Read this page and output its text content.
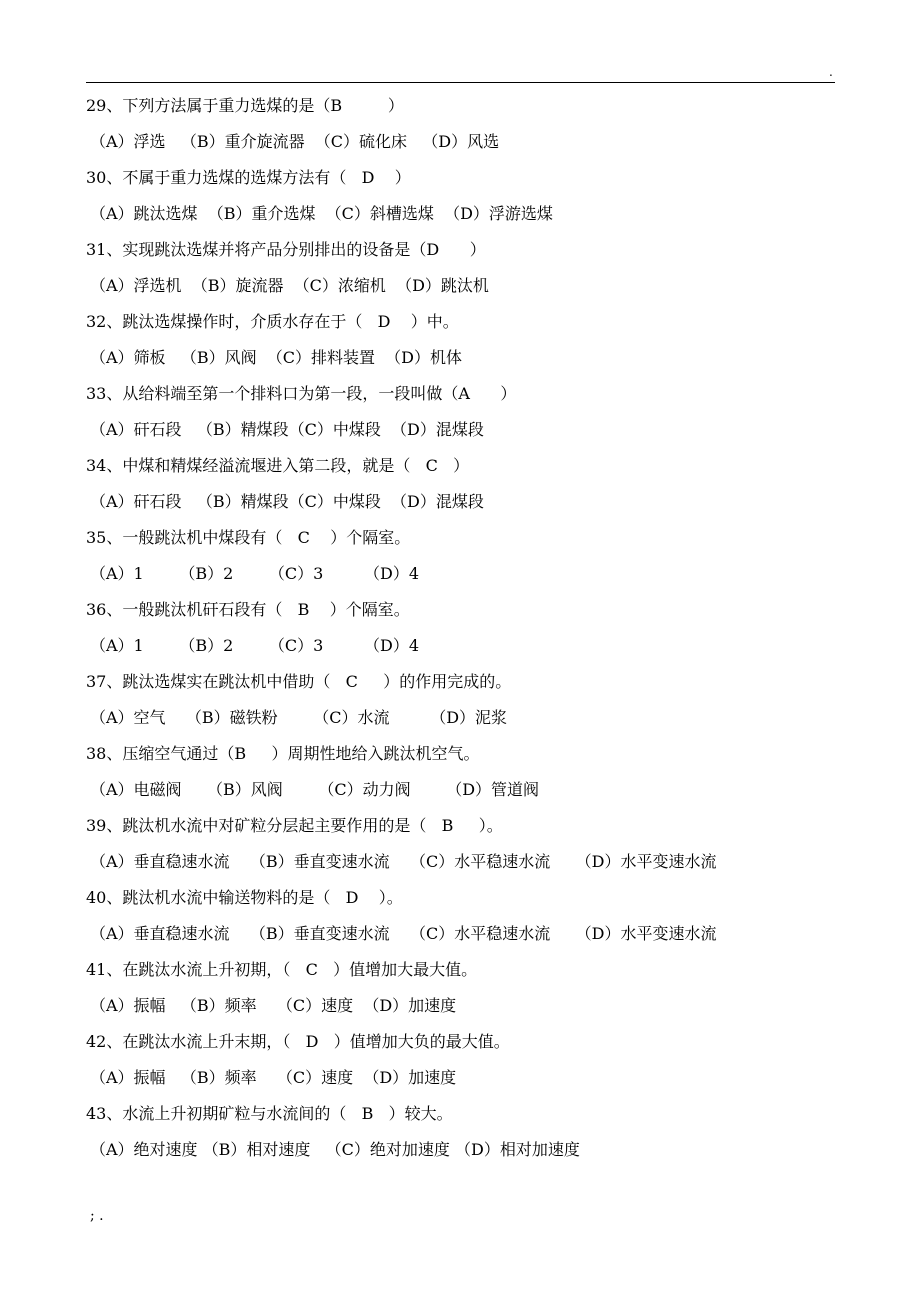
.
29、下列方法属于重力选煤的是（B         ）
（A）浮选   （B）重介旋流器  （C）硫化床   （D）风选
30、不属于重力选煤的选煤方法有（   D    ）
（A）跳汰选煤  （B）重介选煤  （C）斜槽选煤  （D）浮游选煤
31、实现跳汰选煤并将产品分别排出的设备是（D      ）
（A）浮选机  （B）旋流器  （C）浓缩机  （D）跳汰机
32、跳汰选煤操作时，介质水存在于（   D    ）中。
（A）筛板   （B）风阀  （C）排料装置  （D）机体
33、从给料端至第一个排料口为第一段，一段叫做（A      ）
（A）矸石段   （B）精煤段（C）中煤段  （D）混煤段
34、中煤和精煤经溢流堰进入第二段，就是（   C   ）
（A）矸石段   （B）精煤段（C）中煤段  （D）混煤段
35、一般跳汰机中煤段有（   C    ）个隔室。
（A）1       （B）2       （C）3        （D）4
36、一般跳汰机矸石段有（   B    ）个隔室。
（A）1       （B）2       （C）3        （D）4
37、跳汰选煤实在跳汰机中借助（   C     ）的作用完成的。
（A）空气    （B）磁铁粉       （C）水流        （D）泥浆
38、压缩空气通过（B     ）周期性地给入跳汰机空气。
（A）电磁阀     （B）风阀       （C）动力阀       （D）管道阀
39、跳汰机水流中对矿粒分层起主要作用的是（   B     ）。
（A）垂直稳速水流    （B）垂直变速水流    （C）水平稳速水流     （D）水平变速水流
40、跳汰机水流中输送物料的是（   D    ）。
（A）垂直稳速水流    （B）垂直变速水流    （C）水平稳速水流     （D）水平变速水流
41、在跳汰水流上升初期，（   C   ）值增加大最大值。
（A）振幅   （B）频率    （C）速度  （D）加速度
42、在跳汰水流上升末期，（   D   ）值增加大负的最大值。
（A）振幅   （B）频率    （C）速度  （D）加速度
43、水流上升初期矿粒与水流间的（   B   ）较大。
（A）绝对速度 （B）相对速度   （C）绝对加速度 （D）相对加速度
; .
